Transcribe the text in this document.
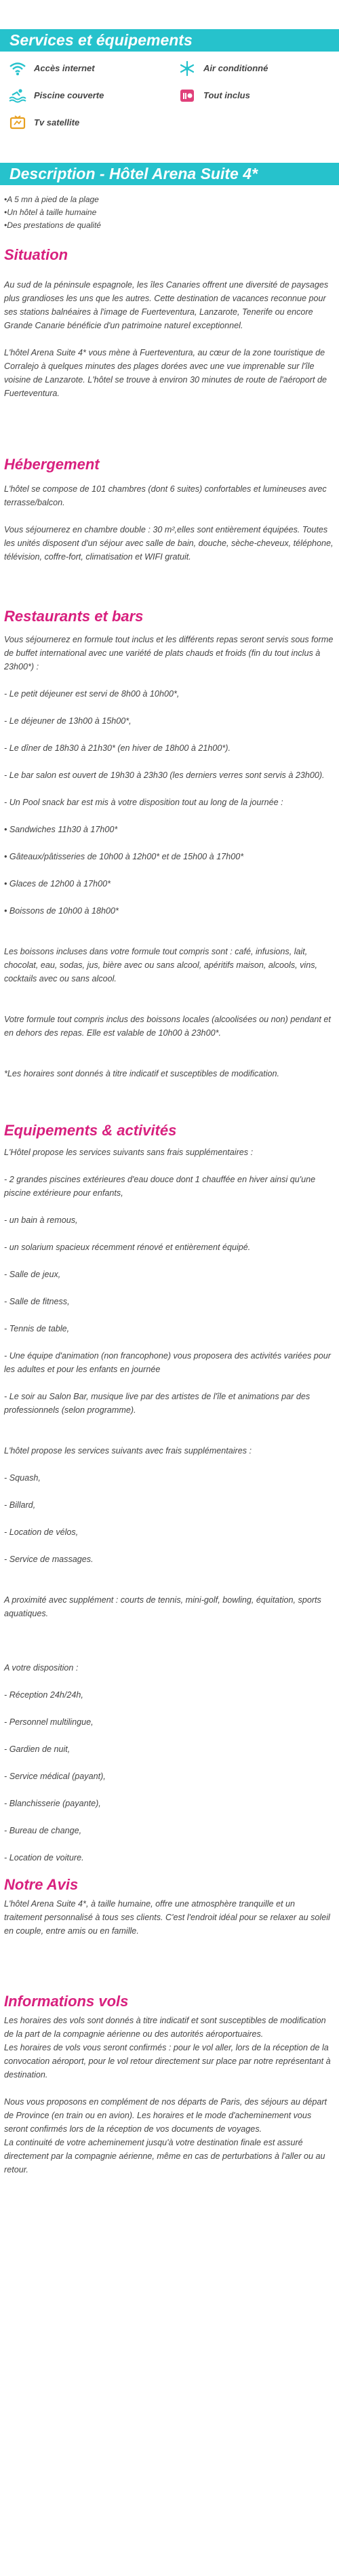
Services et équipements
Accès internet	Air conditionné
Piscine couverte	Tout inclus
Tv satellite
Description - Hôtel Arena Suite 4*
•A 5 mn à pied de la plage
•Un hôtel à taille humaine
•Des prestations de qualité
Situation

Au sud de la péninsule espagnole, les îles Canaries offrent une diversité de paysages plus grandioses les uns que les autres. Cette destination de vacances reconnue pour ses stations balnéaires à l'image de Fuerteventura, Lanzarote, Tenerife ou encore Grande Canarie bénéficie d'un patrimoine naturel exceptionnel.

L'hôtel Arena Suite 4* vous mène à Fuerteventura, au cœur de la zone touristique de Corralejo à quelques minutes des plages dorées avec une vue imprenable sur l'île voisine de Lanzarote. L'hôtel se trouve à environ 30 minutes de route de l'aéroport de Fuerteventura.

Hébergement

L'hôtel se compose de 101 chambres (dont 6 suites) confortables et lumineuses avec terrasse/balcon.

Vous séjournerez en chambre double : 30 m²,elles sont entièrement équipées. Toutes les unités disposent d'un séjour avec salle de bain, douche, sèche-cheveux, téléphone, télévision, coffre-fort, climatisation et WIFI gratuit.

Restaurants et bars

Vous séjournerez en formule tout inclus et les différents repas seront servis sous forme de buffet international avec une variété de plats chauds et froids (fin du tout inclus à 23h00*) :

- Le petit déjeuner est servi de 8h00 à 10h00*,

- Le déjeuner de 13h00 à 15h00*,

- Le dîner de 18h30 à 21h30* (en hiver de 18h00 à 21h00*).

- Le bar salon est ouvert de 19h30 à 23h30 (les derniers verres sont servis à 23h00).

- Un Pool snack bar est mis à votre disposition tout au long de la journée :

• Sandwiches 11h30 à 17h00*

• Gâteaux/pâtisseries de 10h00 à 12h00* et de 15h00 à 17h00*

• Glaces de 12h00 à 17h00*

• Boissons de 10h00 à 18h00*

Les boissons incluses dans votre formule tout compris sont : café, infusions, lait, chocolat, eau, sodas, jus, bière avec ou sans alcool, apéritifs maison, alcools, vins, cocktails avec ou sans alcool.

Votre formule tout compris inclus des boissons locales (alcoolisées ou non) pendant et en dehors des repas. Elle est valable de 10h00 à 23h00*.

*Les horaires sont donnés à titre indicatif et susceptibles de modification.

Equipements & activités

L'Hôtel propose les services suivants sans frais supplémentaires :

- 2 grandes piscines extérieures d'eau douce dont 1 chauffée en hiver ainsi qu'une piscine extérieure pour enfants,

- un bain à remous,

- un solarium spacieux récemment rénové et entièrement équipé.

- Salle de jeux,

- Salle de fitness,

- Tennis de table,

- Une équipe d'animation (non francophone) vous proposera des activités variées pour les adultes et pour les enfants en journée

- Le soir au Salon Bar, musique live par des artistes de l'île et animations par des professionnels (selon programme).

L'hôtel propose les services suivants avec frais supplémentaires :

- Squash,

- Billard,

- Location de vélos,

- Service de massages.

A proximité avec supplément : courts de tennis, mini-golf, bowling, équitation, sports aquatiques.

A votre disposition :

- Réception 24h/24h,

- Personnel multilingue,

- Gardien de nuit,

- Service médical (payant),

- Blanchisserie (payante),

- Bureau de change,

- Location de voiture.

Notre Avis

L'hôtel Arena Suite 4*, à taille humaine, offre une atmosphère tranquille et un traitement personnalisé à tous ses clients. C'est l'endroit idéal pour se relaxer au soleil en couple, entre amis ou en famille.

Informations vols

Les horaires des vols sont donnés à titre indicatif et sont susceptibles de modification de la part de la compagnie aérienne ou des autorités aéroportuaires.

Les horaires de vols vous seront confirmés : pour le vol aller, lors de la réception de la convocation aéroport, pour le vol retour directement sur place par notre représentant à destination.

Nous vous proposons en complément de nos départs de Paris, des séjours au départ de Province (en train ou en avion). Les horaires et le mode d'acheminement vous seront confirmés lors de la réception de vos documents de voyages.

La continuité de votre acheminement jusqu'à votre destination finale est assuré directement par la compagnie aérienne, même en cas de perturbations à l'aller ou au retour.
